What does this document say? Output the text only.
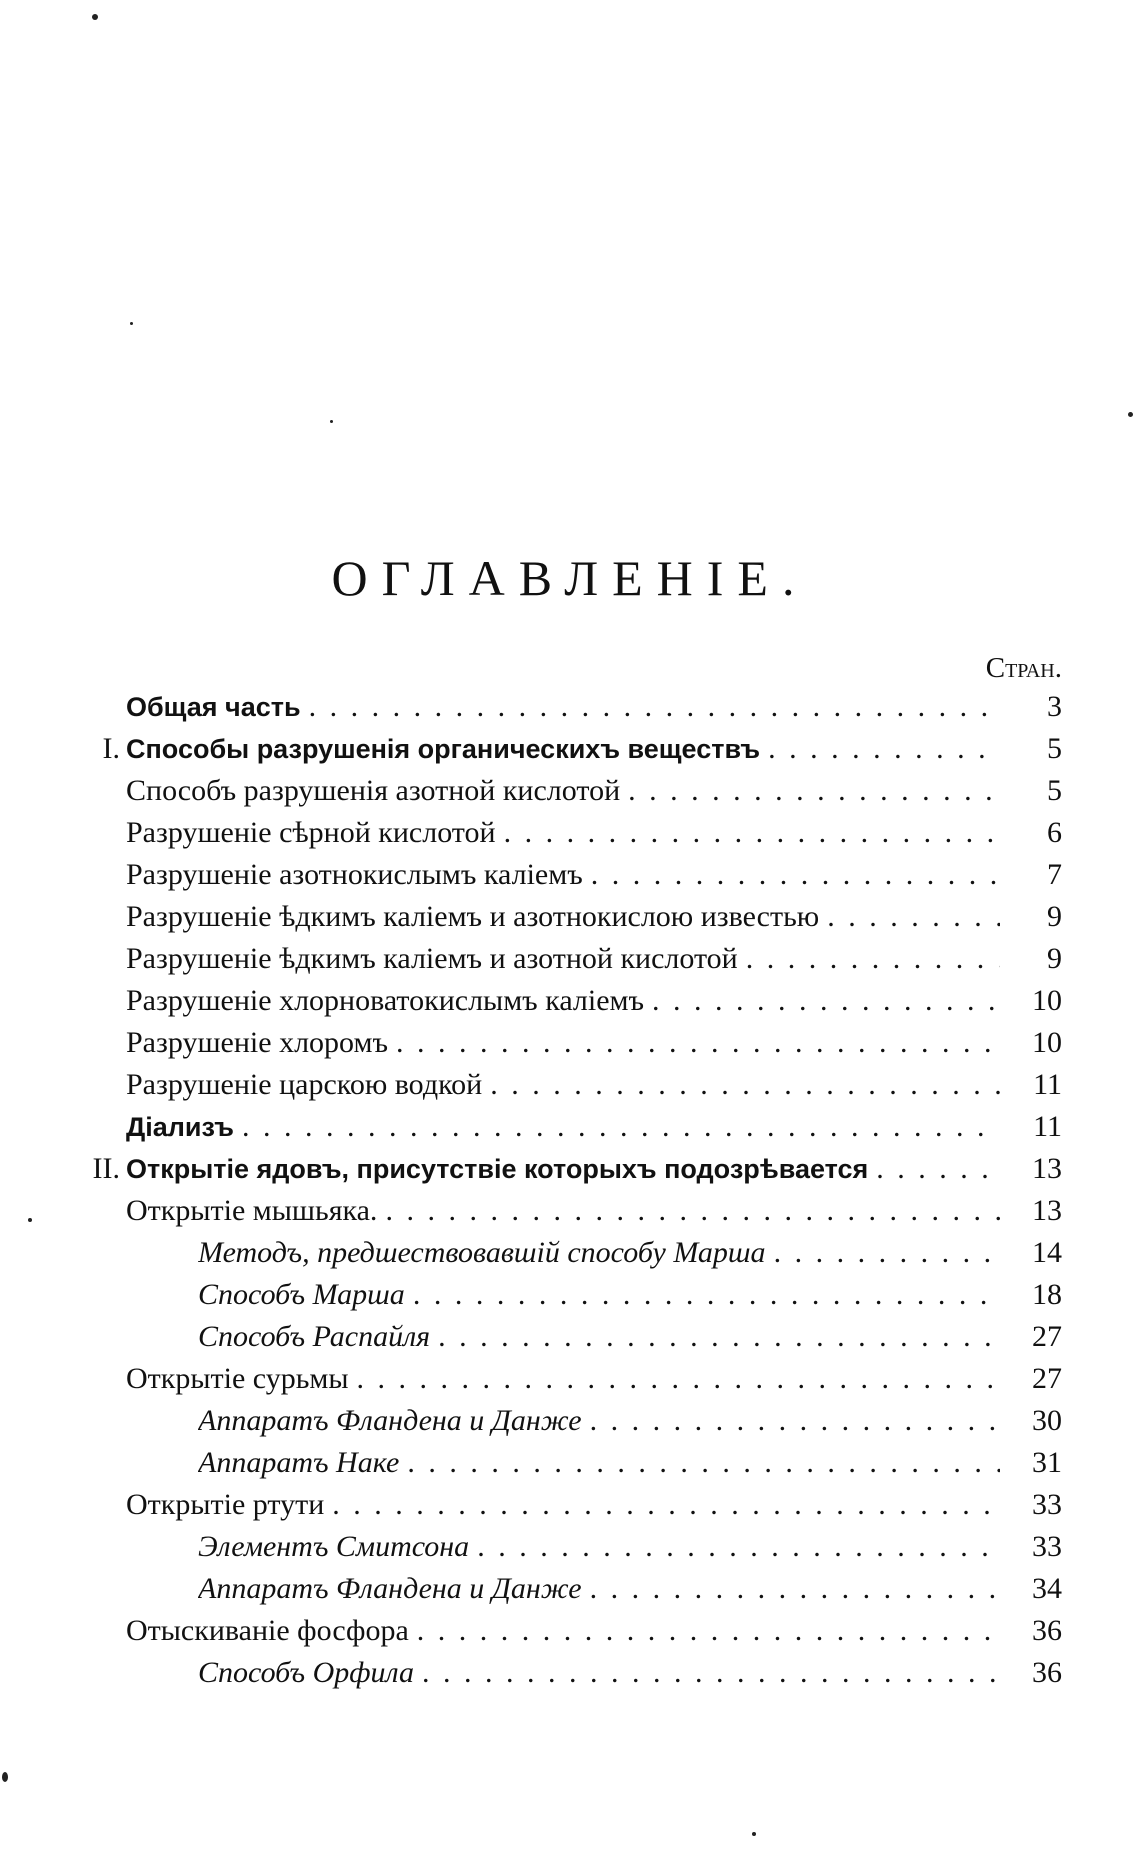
ОГЛАВЛЕНІЕ.
Стран.
Общая часть . . .	3
I. Способы разрушенія органическихъ веществъ . . .	5
Способъ разрушенія азотной кислотой . . .	5
Разрушеніе сѣрной кислотой . . .	6
Разрушеніе азотнокислымъ каліемъ . . .	7
Разрушеніе ѣдкимъ каліемъ и азотнокислою известью . . .	9
Разрушеніе ѣдкимъ каліемъ и азотной кислотой . . .	9
Разрушеніе хлорноватокислымъ каліемъ . . .	10
Разрушеніе хлоромъ . . .	10
Разрушеніе царскою водкой . . .	11
Діализъ . . .	11
II. Открытіе ядовъ, присутствіе которыхъ подозрѣвается . . .	13
Открытіе мышьяка. . . .	13
Методъ, предшествовавшій способу Марша . . .	14
Способъ Марша . . .	18
Способъ Распайля . . .	27
Открытіе сурьмы . . .	27
Аппаратъ Фландена и Данже . . .	30
Аппаратъ Наке . . .	31
Открытіе ртути . . .	33
Элементъ Смитсона . . .	33
Аппаратъ Фландена и Данже . . .	34
Отыскиваніе фосфора . . .	36
Способъ Орфила . . .	36
